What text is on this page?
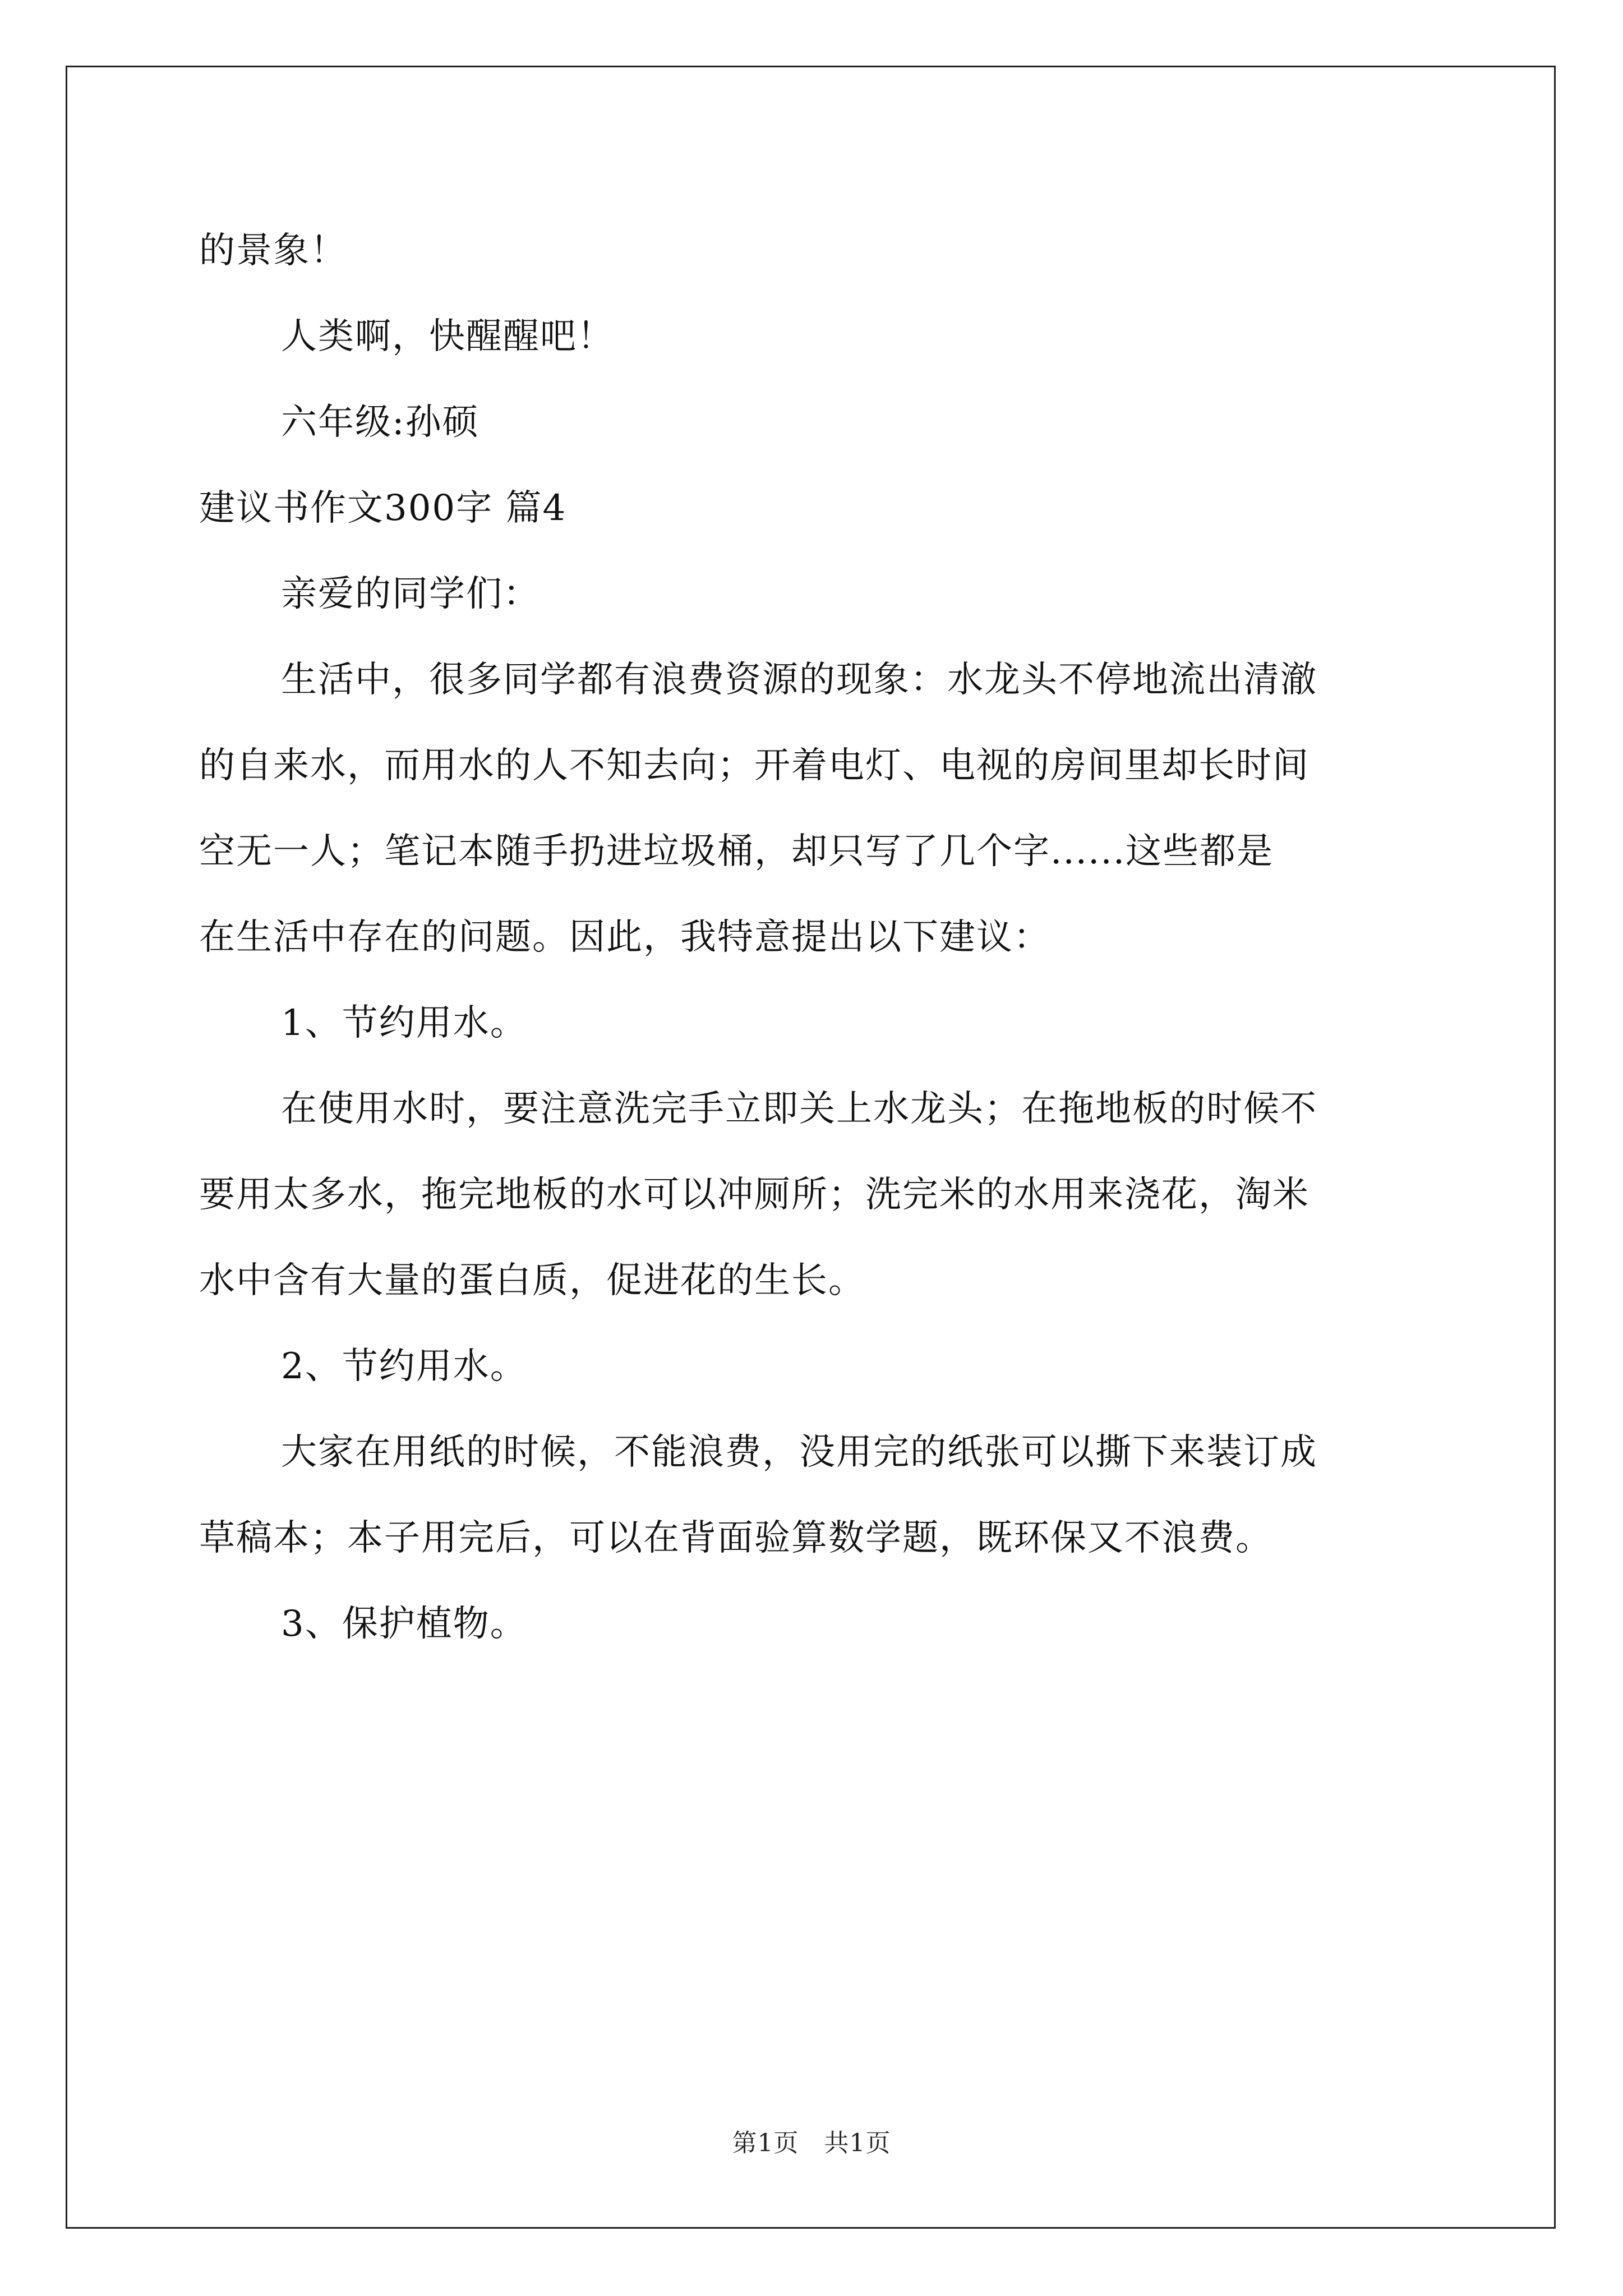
的景象！
人类啊，快醒醒吧！
六年级:孙硕
建议书作文300字 篇4
亲爱的同学们：
生活中，很多同学都有浪费资源的现象：水龙头不停地流出清澈
的自来水，而用水的人不知去向；开着电灯、电视的房间里却长时间
空无一人；笔记本随手扔进垃圾桶，却只写了几个字......这些都是
在生活中存在的问题。因此，我特意提出以下建议：
1、节约用水。
在使用水时，要注意洗完手立即关上水龙头；在拖地板的时候不
要用太多水，拖完地板的水可以冲厕所；洗完米的水用来浇花，淘米
水中含有大量的蛋白质，促进花的生长。
2、节约用水。
大家在用纸的时候，不能浪费，没用完的纸张可以撕下来装订成
草稿本；本子用完后，可以在背面验算数学题，既环保又不浪费。
3、保护植物。
第1页　共1页
